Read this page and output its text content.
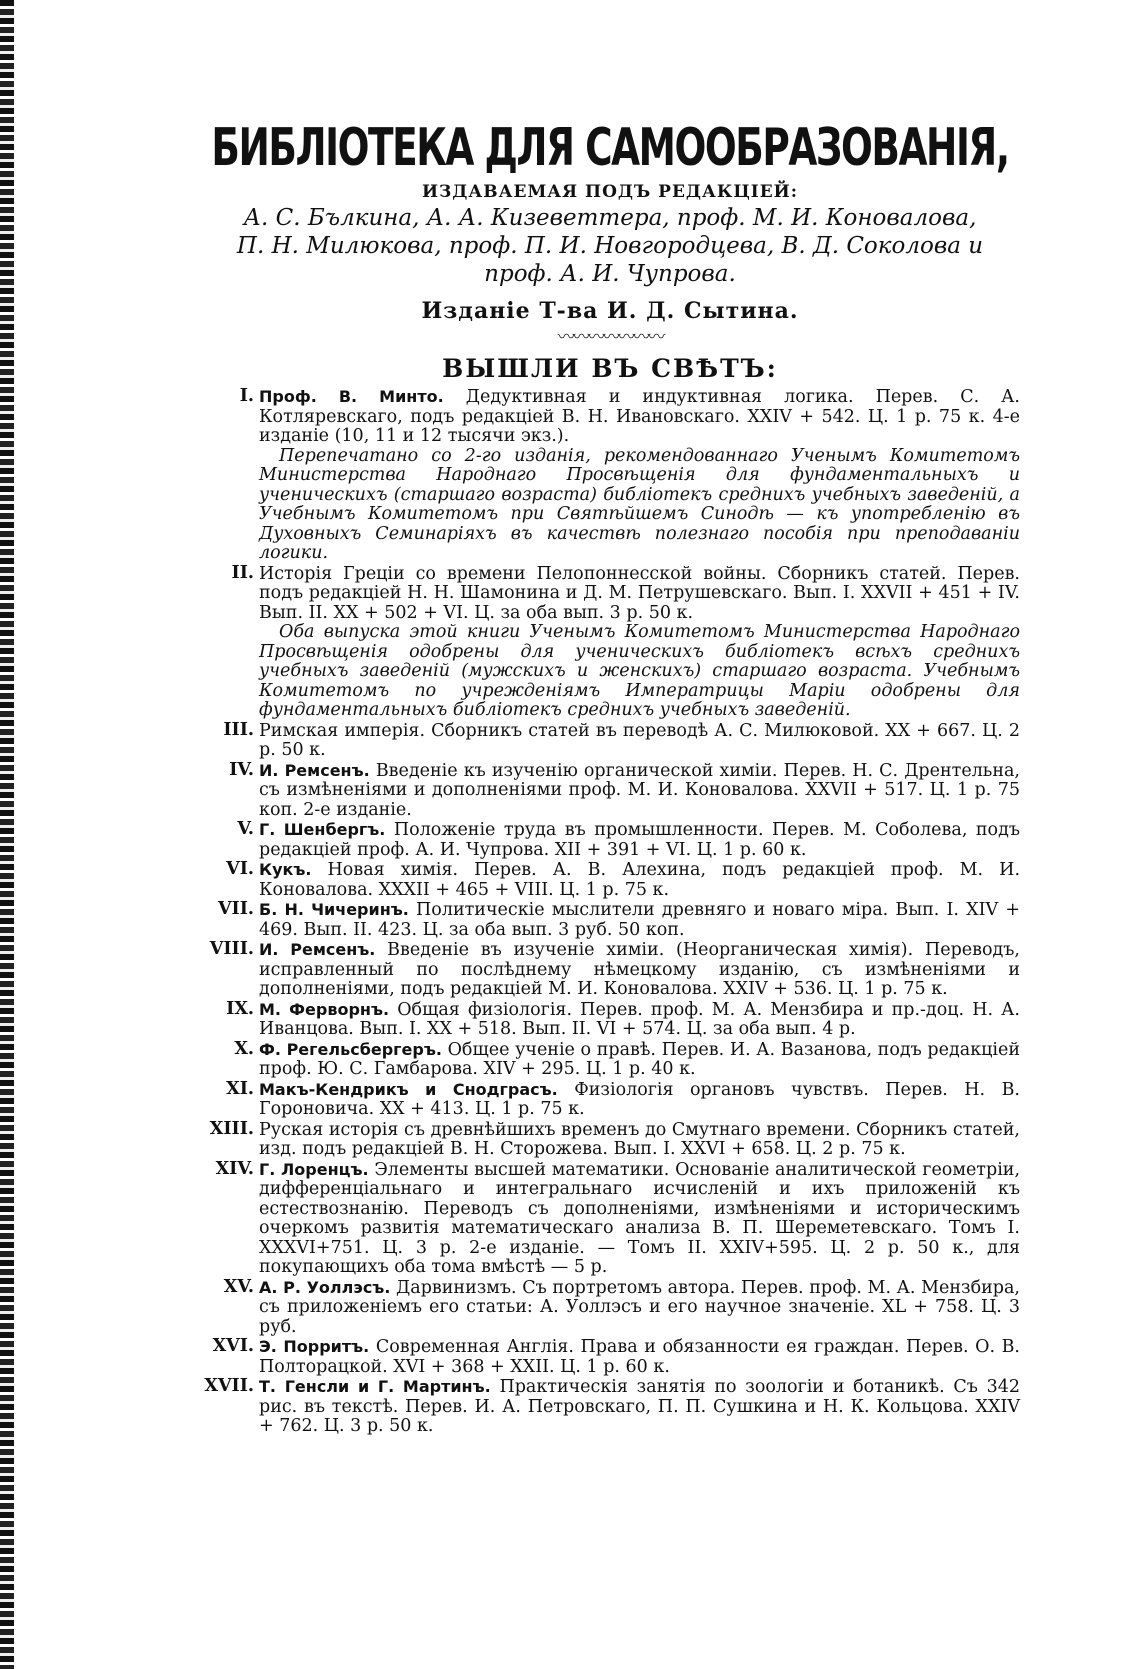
БИБЛІОТЕКА ДЛЯ САМООБРАЗОВАНІЯ,
ИЗДАВАЕМАЯ ПОДЪ РЕДАКЦІЕЙ:
А. С. Бълкина, А. А. Кизеветтера, проф. М. И. Коновалова,
П. Н. Милюкова, проф. П. И. Новгородцева, В. Д. Соколова и
проф. А. И. Чупрова.
Изданіе Т-ва И. Д. Сытина.
〰〰〰〰〰〰〰
ВЫШЛИ ВЪ СВѢТЪ:
I. Проф. В. Минто. Дедуктивная и индуктивная логика. Перев. С. А. Котляревскаго, подъ редакціей В. Н. Ивановскаго. XXIV + 542. Ц. 1 р. 75 к. 4-е изданіе (10, 11 и 12 тысячи экз.).
Перепечатано со 2-го изданія, рекомендованнаго Ученымъ Комитетомъ Министерства Народнаго Просвѣщенія для фундаментальныхъ и ученическихъ (старшаго возраста) библіотекъ среднихъ учебныхъ заведеній, а Учебнымъ Комитетомъ при Святѣйшемъ Синодѣ — къ употребленію въ Духовныхъ Семинаріяхъ въ качествѣ полезнаго пособія при преподаваніи логики.
II. Исторія Греціи со времени Пелопоннесской войны. Сборникъ статей. Перев. подъ редакціей Н. Н. Шамонина и Д. М. Петрушевскаго. Вып. I. XXVII + 451 + IV. Вып. II. XX + 502 + VI. Ц. за оба вып. 3 р. 50 к.
Оба выпуска этой книги Ученымъ Комитетомъ Министерства Народнаго Просвѣщенія одобрены для ученическихъ библіотекъ всѣхъ среднихъ учебныхъ заведеній (мужскихъ и женскихъ) старшаго возраста. Учебнымъ Комитетомъ по учрежденіямъ Императрицы Маріи одобрены для фундаментальныхъ библіотекъ среднихъ учебныхъ заведеній.
III. Римская имперія. Сборникъ статей въ переводѣ А. С. Милюковой. XX + 667. Ц. 2 р. 50 к.
IV. И. Ремсенъ. Введеніе къ изученію органической химіи. Перев. Н. С. Дрентельна, съ измѣненіями и дополненіями проф. М. И. Коновалова. XXVII + 517. Ц. 1 р. 75 коп. 2-е изданіе.
V. Г. Шенбергъ. Положеніе труда въ промышленности. Перев. М. Соболева, подъ редакціей проф. А. И. Чупрова. XII + 391 + VI. Ц. 1 р. 60 к.
VI. Кукъ. Новая химія. Перев. А. В. Алехина, подъ редакціей проф. М. И. Коновалова. XXXII + 465 + VIII. Ц. 1 р. 75 к.
VII. Б. Н. Чичеринъ. Политическіе мыслители древняго и новаго міра. Вып. I. XIV + 469. Вып. II. 423. Ц. за оба вып. 3 руб. 50 коп.
VIII. И. Ремсенъ. Введеніе въ изученіе химіи. (Неорганическая химія). Переводъ, исправленный по послѣднему нѣмецкому изданію, съ измѣненіями и дополненіями, подъ редакціей М. И. Коновалова. XXIV + 536. Ц. 1 р. 75 к.
IX. М. Ферворнъ. Общая физіологія. Перев. проф. М. А. Мензбира и пр.-доц. Н. А. Иванцова. Вып. I. XX + 518. Вып. II. VI + 574. Ц. за оба вып. 4 р.
X. Ф. Регельсбергеръ. Общее ученіе о правѣ. Перев. И. А. Вазанова, подъ редакціей проф. Ю. С. Гамбарова. XIV + 295. Ц. 1 р. 40 к.
XI. Макъ-Кендрикъ и Снодграсъ. Физіологія органовъ чувствъ. Перев. Н. В. Гороновича. XX + 413. Ц. 1 р. 75 к.
XIII. Руская исторія съ древнѣйшихъ временъ до Смутнаго времени. Сборникъ статей, изд. подъ редакціей В. Н. Сторожева. Вып. I. XXVI + 658. Ц. 2 р. 75 к.
XIV. Г. Лоренцъ. Элементы высшей математики. Основаніе аналитической геометріи, дифференціальнаго и интегральнаго исчисленій и ихъ приложеній къ естествознанію. Переводъ съ дополненіями, измѣненіями и историческимъ очеркомъ развитія математическаго анализа В. П. Шереметевскаго. Томъ I. XXXVI+751. Ц. 3 р. 2-е изданіе. — Томъ II. XXIV+595. Ц. 2 р. 50 к., для покупающихъ оба тома вмѣстѣ — 5 р.
XV. А. Р. Уоллэсъ. Дарвинизмъ. Съ портретомъ автора. Перев. проф. М. А. Мензбира, съ приложеніемъ его статьи: А. Уоллэсъ и его научное значеніе. XL + 758. Ц. 3 руб.
XVI. Э. Порритъ. Современная Англія. Права и обязанности ея граждан. Перев. О. В. Полторацкой. XVI + 368 + XXII. Ц. 1 р. 60 к.
XVII. Т. Генсли и Г. Мартинъ. Практическія занятія по зоологіи и ботаникѣ. Съ 342 рис. въ текстѣ. Перев. И. А. Петровскаго, П. П. Сушкина и Н. К. Кольцова. XXIV + 762. Ц. 3 р. 50 к.
